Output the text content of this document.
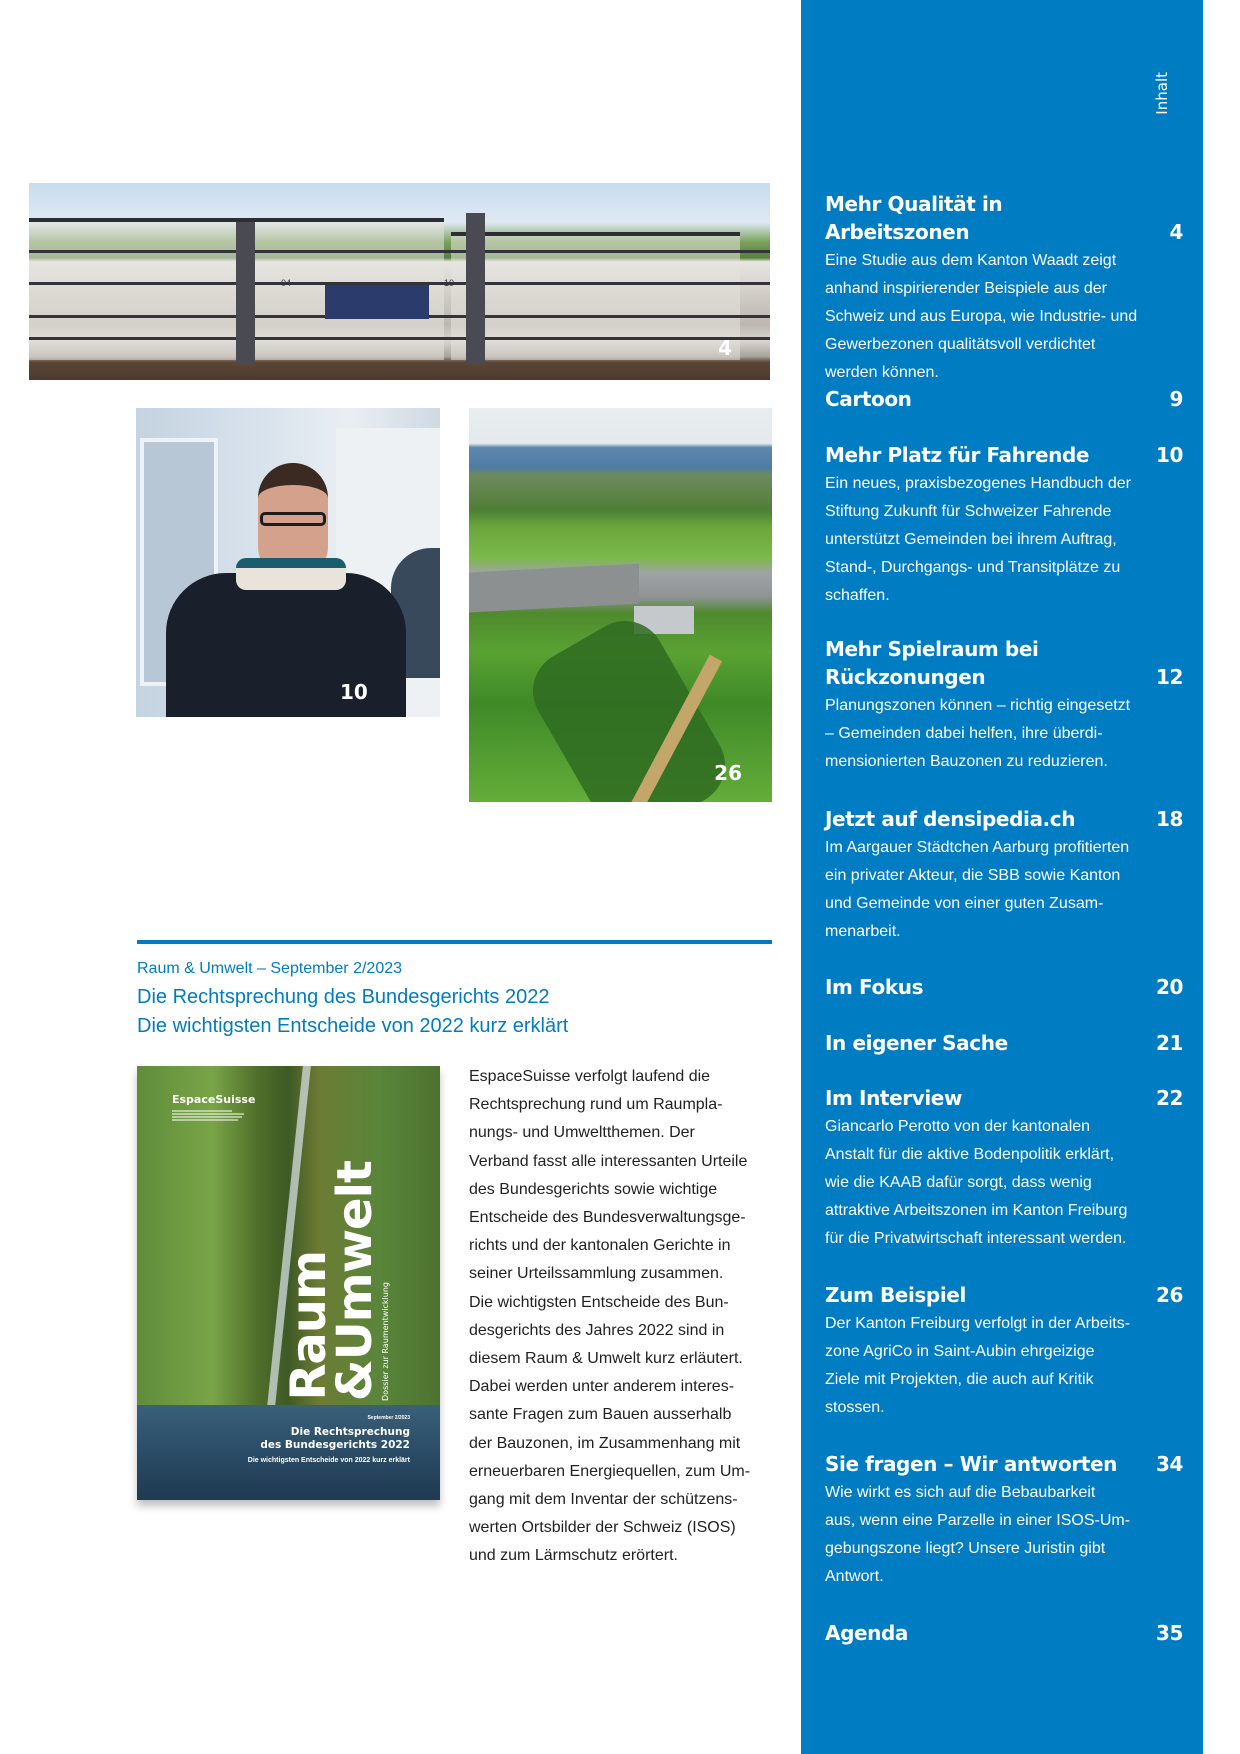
04	10
4
10
26
Raum & Umwelt – September 2/2023
Die Rechtsprechung des Bundesgerichts 2022
Die wichtigsten Entscheide von 2022 kurz erklärt
EspaceSuisse
Raum
&Umwelt
Dossier zur Raumentwicklung
September 2/2023
Die Rechtsprechung
des Bundesgerichts 2022
Die wichtigsten Entscheide von 2022 kurz erklärt
EspaceSuisse verfolgt laufend die
Rechtsprechung rund um Raumpla-
nungs- und Umweltthemen. Der
Verband fasst alle interessanten Urteile
des Bundesgerichts sowie wichtige
Entscheide des Bundesverwaltungsge-
richts und der kantonalen Gerichte in
seiner Urteilssammlung zusammen.
Die wichtigsten Entscheide des Bun-
desgerichts des Jahres 2022 sind in
diesem Raum & Umwelt kurz erläutert.
Dabei werden unter anderem interes-
sante Fragen zum Bauen ausserhalb
der Bauzonen, im Zusammenhang mit
erneuerbaren Energiequellen, zum Um-
gang mit dem Inventar der schützens-
werten Ortsbilder der Schweiz (ISOS)
und zum Lärmschutz erörtert.
Inhalt
Mehr Qualität in Arbeitszonen	4
Eine Studie aus dem Kanton Waadt zeigt
anhand inspirierender Beispiele aus der
Schweiz und aus Europa, wie Industrie- und
Gewerbezonen qualitätsvoll verdichtet
werden können.
Cartoon	9
Mehr Platz für Fahrende	10
Ein neues, praxisbezogenes Handbuch der
Stiftung Zukunft für Schweizer Fahrende
unterstützt Gemeinden bei ihrem Auftrag,
Stand-, Durchgangs- und Transitplätze zu
schaffen.
Mehr Spielraum bei Rückzonungen	12
Planungszonen können – richtig eingesetzt
– Gemeinden dabei helfen, ihre überdi-
mensionierten Bauzonen zu reduzieren.
Jetzt auf densipedia.ch	18
Im Aargauer Städtchen Aarburg profitierten
ein privater Akteur, die SBB sowie Kanton
und Gemeinde von einer guten Zusam-
menarbeit.
Im Fokus	20
In eigener Sache	21
Im Interview	22
Giancarlo Perotto von der kantonalen
Anstalt für die aktive Bodenpolitik erklärt,
wie die KAAB dafür sorgt, dass wenig
attraktive Arbeitszonen im Kanton Freiburg
für die Privatwirtschaft interessant werden.
Zum Beispiel	26
Der Kanton Freiburg verfolgt in der Arbeits-
zone AgriCo in Saint-Aubin ehrgeizige
Ziele mit Projekten, die auch auf Kritik
stossen.
Sie fragen – Wir antworten 34
Wie wirkt es sich auf die Bebaubarkeit
aus, wenn eine Parzelle in einer ISOS-Um-
gebungszone liegt? Unsere Juristin gibt
Antwort.
Agenda	35
